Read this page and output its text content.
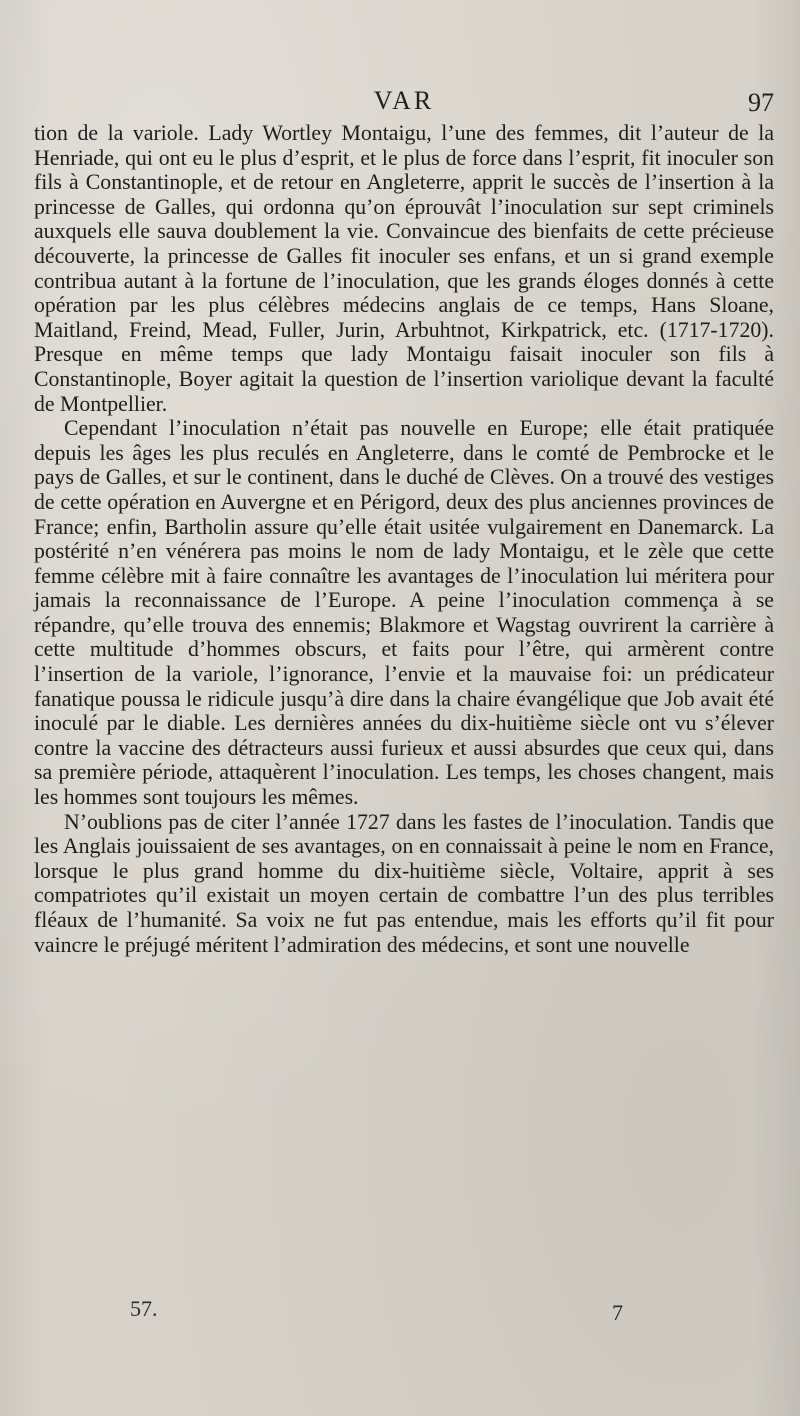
VAR	97

tion de la variole. Lady Wortley Montaigu, l’une des femmes, dit l’auteur de la Henriade, qui ont eu le plus d’esprit, et le plus de force dans l’esprit, fit inoculer son fils à Constantinople, et de retour en Angleterre, apprit le succès de l’insertion à la princesse de Galles, qui ordonna qu’on éprouvât l’inoculation sur sept criminels auxquels elle sauva doublement la vie. Convaincue des bienfaits de cette précieuse découverte, la princesse de Galles fit inoculer ses enfans, et un si grand exemple contribua autant à la fortune de l’inoculation, que les grands éloges donnés à cette opération par les plus célèbres médecins anglais de ce temps, Hans Sloane, Maitland, Freind, Mead, Fuller, Jurin, Arbuhtnot, Kirkpatrick, etc. (1717-1720). Presque en même temps que lady Montaigu faisait inoculer son fils à Constantinople, Boyer agitait la question de l’insertion variolique devant la faculté de Montpellier.

Cependant l’inoculation n’était pas nouvelle en Europe; elle était pratiquée depuis les âges les plus reculés en Angleterre, dans le comté de Pembrocke et le pays de Galles, et sur le continent, dans le duché de Clèves. On a trouvé des vestiges de cette opération en Auvergne et en Périgord, deux des plus anciennes provinces de France; enfin, Bartholin assure qu’elle était usitée vulgairement en Danemarck. La postérité n’en vénérera pas moins le nom de lady Montaigu, et le zèle que cette femme célèbre mit à faire connaître les avantages de l’inoculation lui méritera pour jamais la reconnaissance de l’Europe. A peine l’inoculation commença à se répandre, qu’elle trouva des ennemis; Blakmore et Wagstag ouvrirent la carrière à cette multitude d’hommes obscurs, et faits pour l’être, qui armèrent contre l’insertion de la variole, l’ignorance, l’envie et la mauvaise foi: un prédicateur fanatique poussa le ridicule jusqu’à dire dans la chaire évangélique que Job avait été inoculé par le diable. Les dernières années du dix-huitième siècle ont vu s’élever contre la vaccine des détracteurs aussi furieux et aussi absurdes que ceux qui, dans sa première période, attaquèrent l’inoculation. Les temps, les choses changent, mais les hommes sont toujours les mêmes.

N’oublions pas de citer l’année 1727 dans les fastes de l’inoculation. Tandis que les Anglais jouissaient de ses avantages, on en connaissait à peine le nom en France, lorsque le plus grand homme du dix-huitième siècle, Voltaire, apprit à ses compatriotes qu’il existait un moyen certain de combattre l’un des plus terribles fléaux de l’humanité. Sa voix ne fut pas entendue, mais les efforts qu’il fit pour vaincre le préjugé méritent l’admiration des médecins, et sont une nouvelle

57.	7
